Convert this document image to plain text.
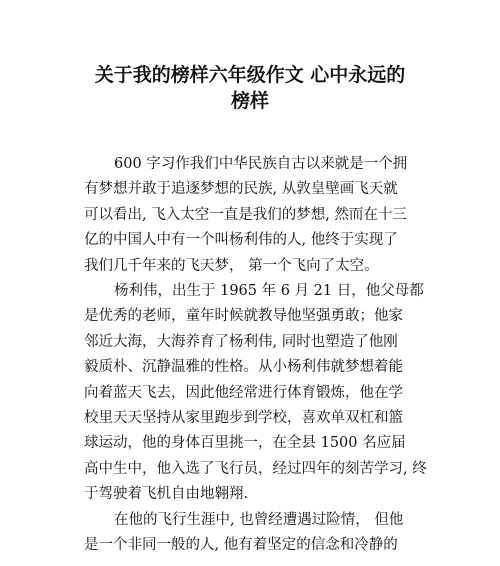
关于我的榜样六年级作文 心中永远的
榜样
600 字习作我们中华民族自古以来就是一个拥
有梦想并敢于追逐梦想的民族, 从敦皇壁画飞天就
可以看出, 飞入太空一直是我们的梦想, 然而在十三
亿的中国人中有一个叫杨利伟的人, 他终于实现了
我们几千年来的飞天梦， 第一个飞向了太空。
杨利伟，出生于 1965 年 6 月 21 日，他父母都
是优秀的老师，童年时候就教导他坚强勇敢；他家
邻近大海，大海养育了杨利伟, 同时也塑造了他刚
毅质朴、沉静温雅的性格。从小杨利伟就梦想着能
向着蓝天飞去，因此他经常进行体育锻炼，他在学
校里天天坚持从家里跑步到学校，喜欢单双杠和篮
球运动，他的身体百里挑一，在全县 1500 名应届
高中生中，他入选了飞行员，经过四年的刻苦学习, 终
于驾驶着飞机自由地翱翔.
在他的飞行生涯中, 也曾经遭遇过险情， 但他
是一个非同一般的人, 他有着坚定的信念和冷静的
